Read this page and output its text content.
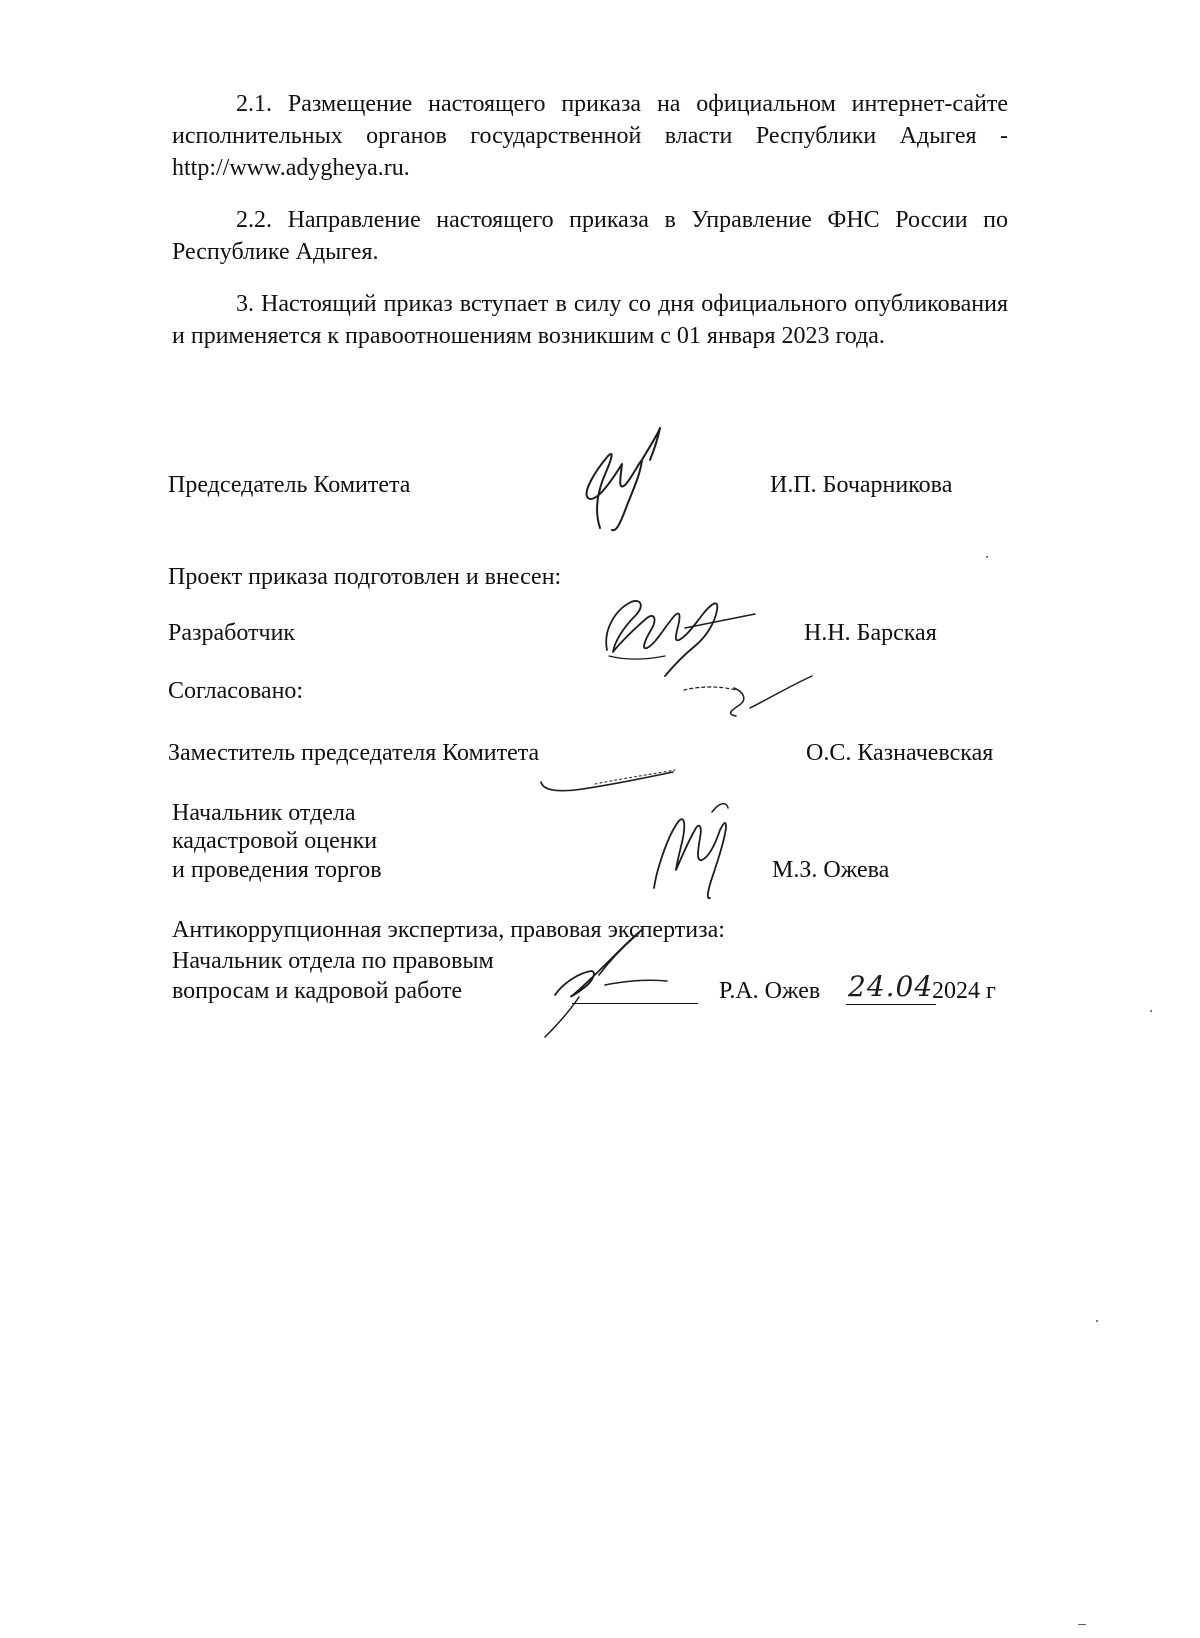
2.1. Размещение настоящего приказа на официальном интернет-сайте исполнительных органов государственной власти Республики Адыгея - http://www.adygheya.ru.
2.2. Направление настоящего приказа в Управление ФНС России по Республике Адыгея.
3. Настоящий приказ вступает в силу со дня официального опубликования и применяется к правоотношениям возникшим с 01 января 2023 года.
Председатель Комитета	И.П. Бочарникова
Проект приказа подготовлен и внесен:
Разработчик	Н.Н. Барская
Согласовано:
Заместитель председателя Комитета	О.С. Казначевская
Начальник отдела
кадастровой оценки
и проведения торгов	М.З. Ожева
Антикоррупционная экспертиза, правовая экспертиза:
Начальник отдела по правовым
вопросам и кадровой работе	Р.А. Ожев 24.04
2024 г
